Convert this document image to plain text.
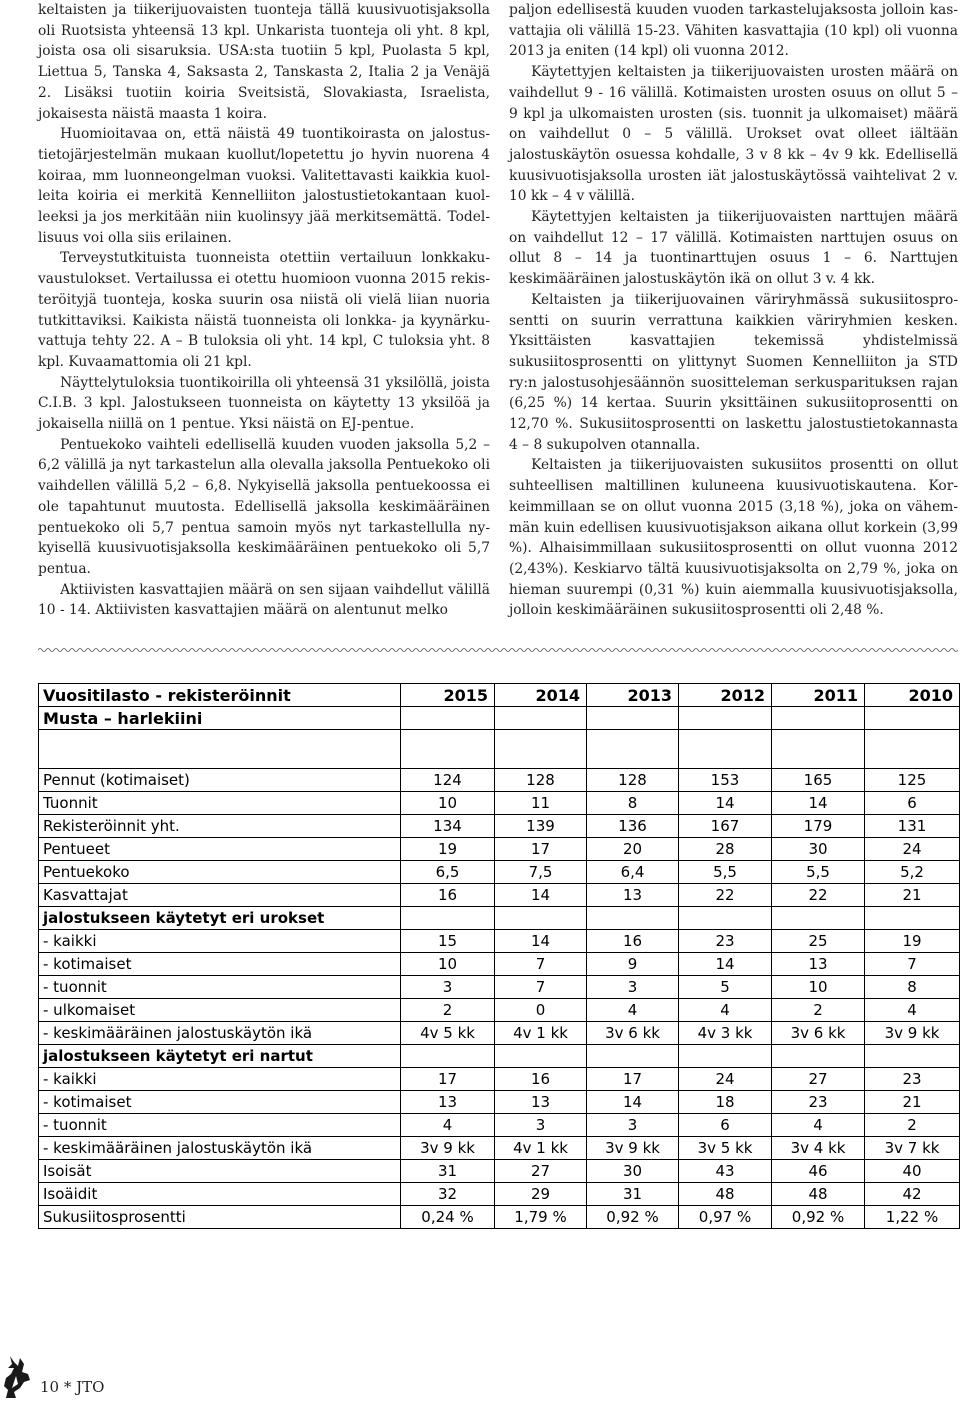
keltaisten ja tiikerijuovaisten tuonteja tällä kuusivuotisjaksolla oli Ruotsista yhteensä 13 kpl. Unkarista tuonteja oli yht. 8 kpl, joista osa oli sisaruksia. USA:sta tuotiin 5 kpl, Puolasta 5 kpl, Liettua 5, Tanska 4, Saksasta 2, Tanskasta 2, Italia 2 ja Venäjä 2. Lisäksi tuotiin koiria Sveitsistä, Slovakiasta, Israelista, jokaisesta näistä maasta 1 koira.

Huomioitavaa on, että näistä 49 tuontikoirasta on jalostustietojärjestelmän mukaan kuollut/lopetettu jo hyvin nuorena 4 koiraa, mm luonneongelman vuoksi. Valitettavasti kaikkia kuolleita koiria ei merkitä Kennelliiton jalostustietokantaan kuolleeksi ja jos merkitään niin kuolinsyy jää merkitsemättä. Todellisuus voi olla siis erilainen.

Terveystutkituista tuonneista otettiin vertailuun lonkkakuvaustulokset. Vertailussa ei otettu huomioon vuonna 2015 rekisteröityjä tuonteja, koska suurin osa niistä oli vielä liian nuoria tutkittaviksi. Kaikista näistä tuonneista oli lonkka- ja kyynärkuvattuja tehty 22. A – B tuloksia oli yht. 14 kpl, C tuloksia yht. 8 kpl. Kuvaamattomia oli 21 kpl.

Näyttelytuloksia tuontikoirilla oli yhteensä 31 yksilöllä, joista C.I.B. 3 kpl. Jalostukseen tuonneista on käytetty 13 yksilöä ja jokaisella niillä on 1 pentue. Yksi näistä on EJ-pentue.

Pentuekoko vaihteli edellisellä kuuden vuoden jaksolla 5,2 – 6,2 välillä ja nyt tarkastelun alla olevalla jaksolla Pentuekoko oli vaihdellen välillä 5,2 – 6,8. Nykyisellä jaksolla pentuekoossa ei ole tapahtunut muutosta. Edellisellä jaksolla keskimääräinen pentuekoko oli 5,7 pentua samoin myös nyt tarkastellulla nykyisellä kuusivuotisjaksolla keskimääräinen pentuekoko oli 5,7 pentua.

Aktiivisten kasvattajien määrä on sen sijaan vaihdellut välillä 10 - 14. Aktiivisten kasvattajien määrä on alentunut melko

paljon edellisestä kuuden vuoden tarkastelujaksosta jolloin kasvattajia oli välillä 15-23. Vähiten kasvattajia (10 kpl) oli vuonna 2013 ja eniten (14 kpl) oli vuonna 2012.

Käytettyjen keltaisten ja tiikerijuovaisten urosten määrä on vaihdellut 9 - 16 välillä. Kotimaisten urosten osuus on ollut 5 – 9 kpl ja ulkomaisten urosten (sis. tuonnit ja ulkomaiset) määrä on vaihdellut 0 – 5 välillä. Urokset ovat olleet iältään jalostuskäytön osuessa kohdalle, 3 v 8 kk – 4v 9 kk. Edellisellä kuusivuotisjaksolla urosten iät jalostuskäytössä vaihtelivat 2 v. 10 kk – 4 v välillä.

Käytettyjen keltaisten ja tiikerijuovaisten narttujen määrä on vaihdellut 12 – 17 välillä. Kotimaisten narttujen osuus on ollut 8 – 14 ja tuontinarttujen osuus 1 – 6. Narttujen keskimääräinen jalostuskäytön ikä on ollut 3 v. 4 kk.

Keltaisten ja tiikerijuovainen väriryhmässä sukusiitospro-sentti on suurin verrattuna kaikkien väriryhmien kesken. Yksittäisten kasvattajien tekemissä yhdistelmissä sukusiitosprosentti on ylittynyt Suomen Kennelliiton ja STD ry:n jalostusohjesäännön suositteleman serkusparituksen rajan (6,25 %) 14 kertaa. Suurin yksittäinen sukusiitoprosentti on 12,70 %. Sukusiitosprosentti on laskettu jalostustietokannasta 4 – 8 sukupolven otannalla.

Keltaisten ja tiikerijuovaisten sukusiitos prosentti on ollut suhteellisen maltillinen kuluneena kuusivuotiskautena. Korkeimmillaan se on ollut vuonna 2015 (3,18 %), joka on vähemmän kuin edellisen kuusivuotisjakson aikana ollut korkein (3,99 %). Alhaisimmillaan sukusiitosprosentti on ollut vuonna 2012 (2,43%). Keskiarvo tältä kuusivuotisjaksolta on 2,79 %, joka on hieman suurempi (0,31 %) kuin aiemmalla kuusivuotisjaksolla, jolloin keskimääräinen sukusiitosprosentti oli 2,48 %.

Vuositilasto - rekisteröinnit	2015	2014	2013	2012	2011	2010
Musta – harlekiini						

Pennut (kotimaiset)	124	128	128	153	165	125
Tuonnit	10	11	8	14	14	6
Rekisteröinnit yht.	134	139	136	167	179	131
Pentueet	19	17	20	28	30	24
Pentuekoko	6,5	7,5	6,4	5,5	5,5	5,2
Kasvattajat	16	14	13	22	22	21
jalostukseen käytetyt eri urokset						
- kaikki	15	14	16	23	25	19
- kotimaiset	10	7	9	14	13	7
- tuonnit	3	7	3	5	10	8
- ulkomaiset	2	0	4	4	2	4
- keskimääräinen jalostuskäytön ikä	4v 5 kk	4v 1 kk	3v 6 kk	4v 3 kk	3v 6 kk	3v 9 kk
jalostukseen käytetyt eri nartut						
- kaikki	17	16	17	24	27	23
- kotimaiset	13	13	14	18	23	21
- tuonnit	4	3	3	6	4	2
- keskimääräinen jalostuskäytön ikä	3v 9 kk	4v 1 kk	3v 9 kk	3v 5 kk	3v 4 kk	3v 7 kk
Isoisät	31	27	30	43	46	40
Isoäidit	32	29	31	48	48	42
Sukusiitosprosentti	0,24 %	1,79 %	0,92 %	0,97 %	0,92 %	1,22 %
10 * JTO
